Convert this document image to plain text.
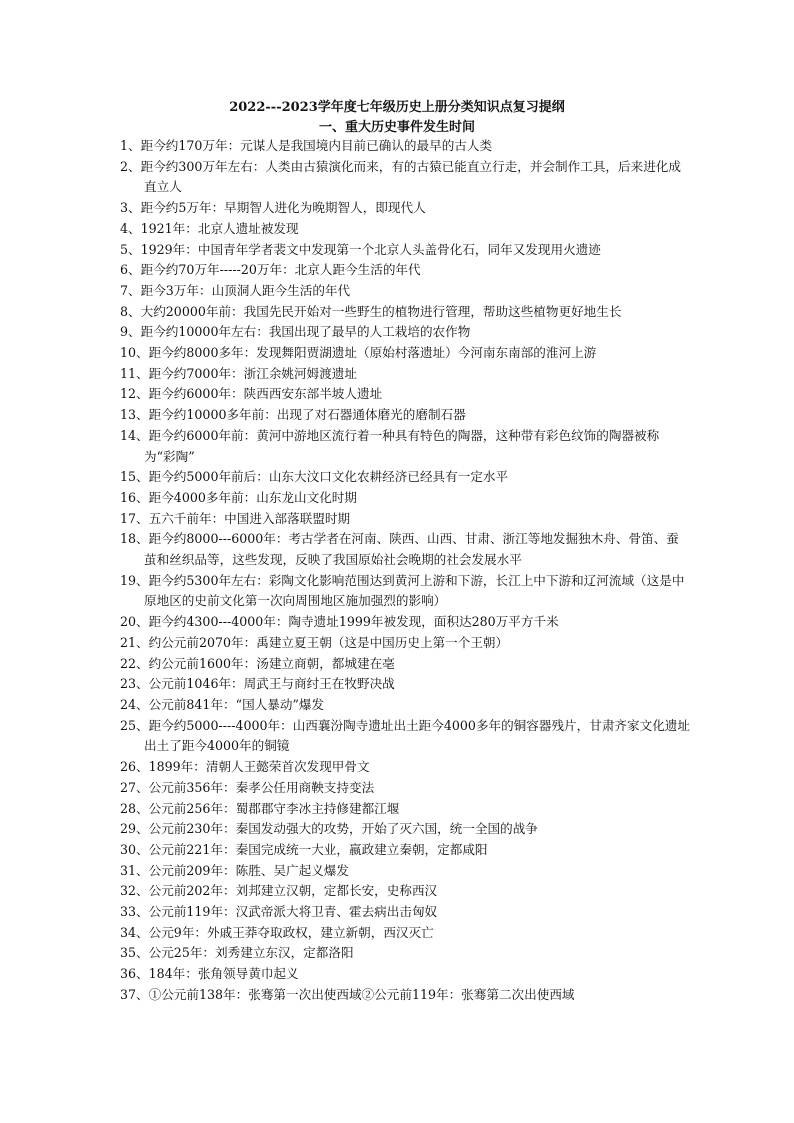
2022---2023学年度七年级历史上册分类知识点复习提纲
一、重大历史事件发生时间
1、距今约170万年：元谋人是我国境内目前已确认的最早的古人类
2、距今约300万年左右：人类由古猿演化而来，有的古猿已能直立行走，并会制作工具，后来进化成直立人
3、距今约5万年：早期智人进化为晚期智人，即现代人
4、1921年：北京人遗址被发现
5、1929年：中国青年学者裴文中发现第一个北京人头盖骨化石，同年又发现用火遗迹
6、距今约70万年-----20万年：北京人距今生活的年代
7、距今3万年：山顶洞人距今生活的年代
8、大约20000年前：我国先民开始对一些野生的植物进行管理，帮助这些植物更好地生长
9、距今约10000年左右：我国出现了最早的人工栽培的农作物
10、距今约8000多年：发现舞阳贾湖遗址（原始村落遗址）今河南东南部的淮河上游
11、距今约7000年：浙江余姚河姆渡遗址
12、距今约6000年：陕西西安东部半坡人遗址
13、距今约10000多年前：出现了对石器通体磨光的磨制石器
14、距今约6000年前：黄河中游地区流行着一种具有特色的陶器，这种带有彩色纹饰的陶器被称为“彩陶”
15、距今约5000年前后：山东大汶口文化农耕经济已经具有一定水平
16、距今4000多年前：山东龙山文化时期
17、五六千前年：中国进入部落联盟时期
18、距今约8000---6000年：考古学者在河南、陕西、山西、甘肃、浙江等地发掘独木舟、骨笛、蚕茧和丝织品等，这些发现，反映了我国原始社会晚期的社会发展水平
19、距今约5300年左右：彩陶文化影响范围达到黄河上游和下游，长江上中下游和辽河流域（这是中原地区的史前文化第一次向周围地区施加强烈的影响）
20、距今约4300---4000年：陶寺遗址1999年被发现，面积达280万平方千米
21、约公元前2070年：禹建立夏王朝（这是中国历史上第一个王朝）
22、约公元前1600年：汤建立商朝，都城建在亳
23、公元前1046年：周武王与商纣王在牧野决战
24、公元前841年：“国人暴动”爆发
25、距今约5000----4000年：山西襄汾陶寺遗址出土距今4000多年的铜容器残片，甘肃齐家文化遗址出土了距今4000年的铜镜
26、1899年：清朝人王懿荣首次发现甲骨文
27、公元前356年：秦孝公任用商鞅支持变法
28、公元前256年：蜀郡郡守李冰主持修建都江堰
29、公元前230年：秦国发动强大的攻势，开始了灭六国，统一全国的战争
30、公元前221年：秦国完成统一大业，嬴政建立秦朝，定都咸阳
31、公元前209年：陈胜、吴广起义爆发
32、公元前202年：刘邦建立汉朝，定都长安，史称西汉
33、公元前119年：汉武帝派大将卫青、霍去病出击匈奴
34、公元9年：外戚王莽夺取政权，建立新朝，西汉灭亡
35、公元25年：刘秀建立东汉，定都洛阳
36、184年：张角领导黄巾起义
37、①公元前138年：张骞第一次出使西域②公元前119年：张骞第二次出使西域
